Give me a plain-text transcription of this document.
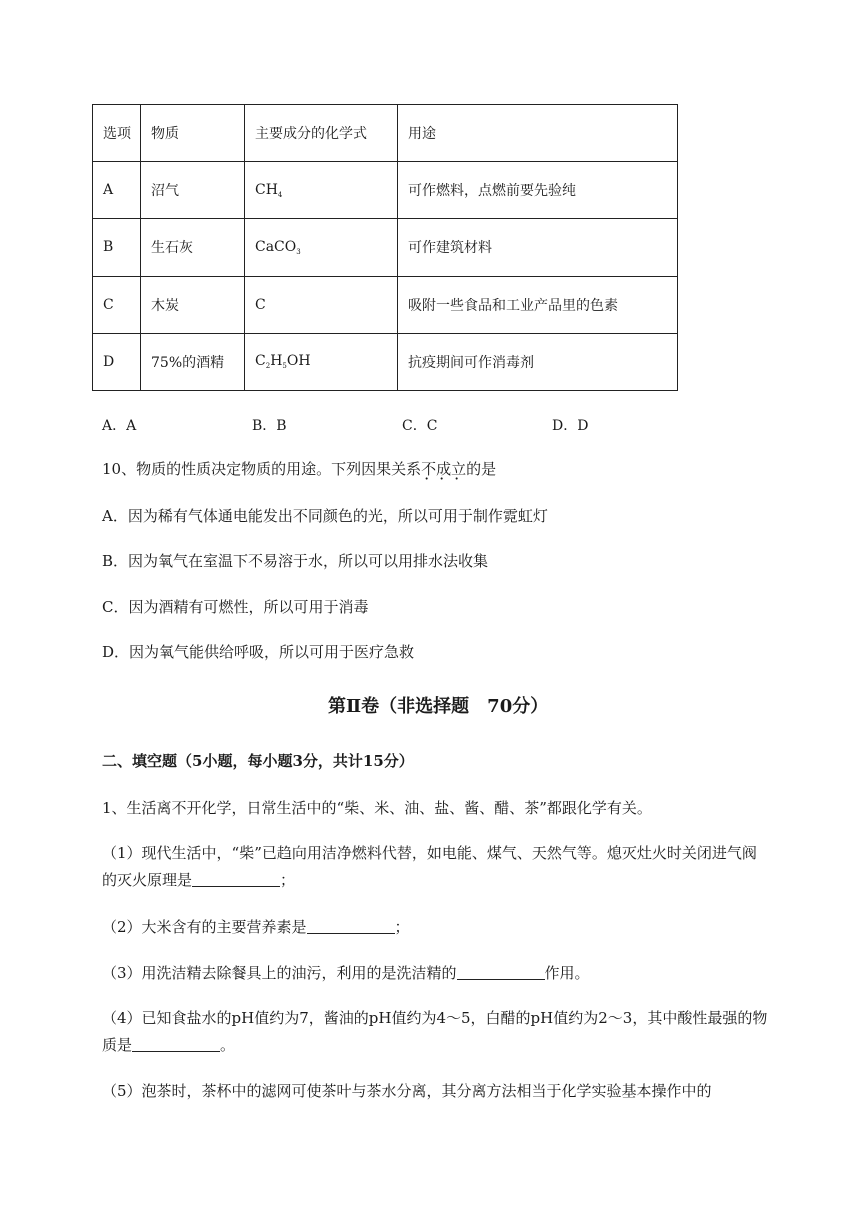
选项	物质	主要成分的化学式	用途
A	沼气	$CH_4$	可作燃料，点燃前要先验纯
B	生石灰	CaCO$_3$	可作建筑材料
C	木炭	C	吸附一些食品和工业产品里的色素
D	75%的酒精	$C_2H_5OH$	抗疫期间可作消毒剂
A．A	B．B	C．C	D．D
10、物质的性质决定物质的用途。下列因果关系不成立的是
A．因为稀有气体通电能发出不同颜色的光，所以可用于制作霓虹灯
B．因为氧气在室温下不易溶于水，所以可以用排水法收集
C．因为酒精有可燃性，所以可用于消毒
D．因为氧气能供给呼吸，所以可用于医疗急救
第Ⅱ卷（非选择题　70分）
二、填空题（5小题，每小题3分，共计15分）
1、生活离不开化学，日常生活中的“柴、米、油、盐、酱、醋、茶”都跟化学有关。
（1）现代生活中，“柴”已趋向用洁净燃料代替，如电能、煤气、天然气等。熄灭灶火时关闭进气阀
的灭火原理是	；
（2）大米含有的主要营养素是	；
（3）用洗洁精去除餐具上的油污，利用的是洗洁精的	作用。
（4）已知食盐水的pH值约为7，酱油的pH值约为4～5，白醋的pH值约为2～3，其中酸性最强的物
质是	。
（5）泡茶时，茶杯中的滤网可使茶叶与茶水分离，其分离方法相当于化学实验基本操作中的
